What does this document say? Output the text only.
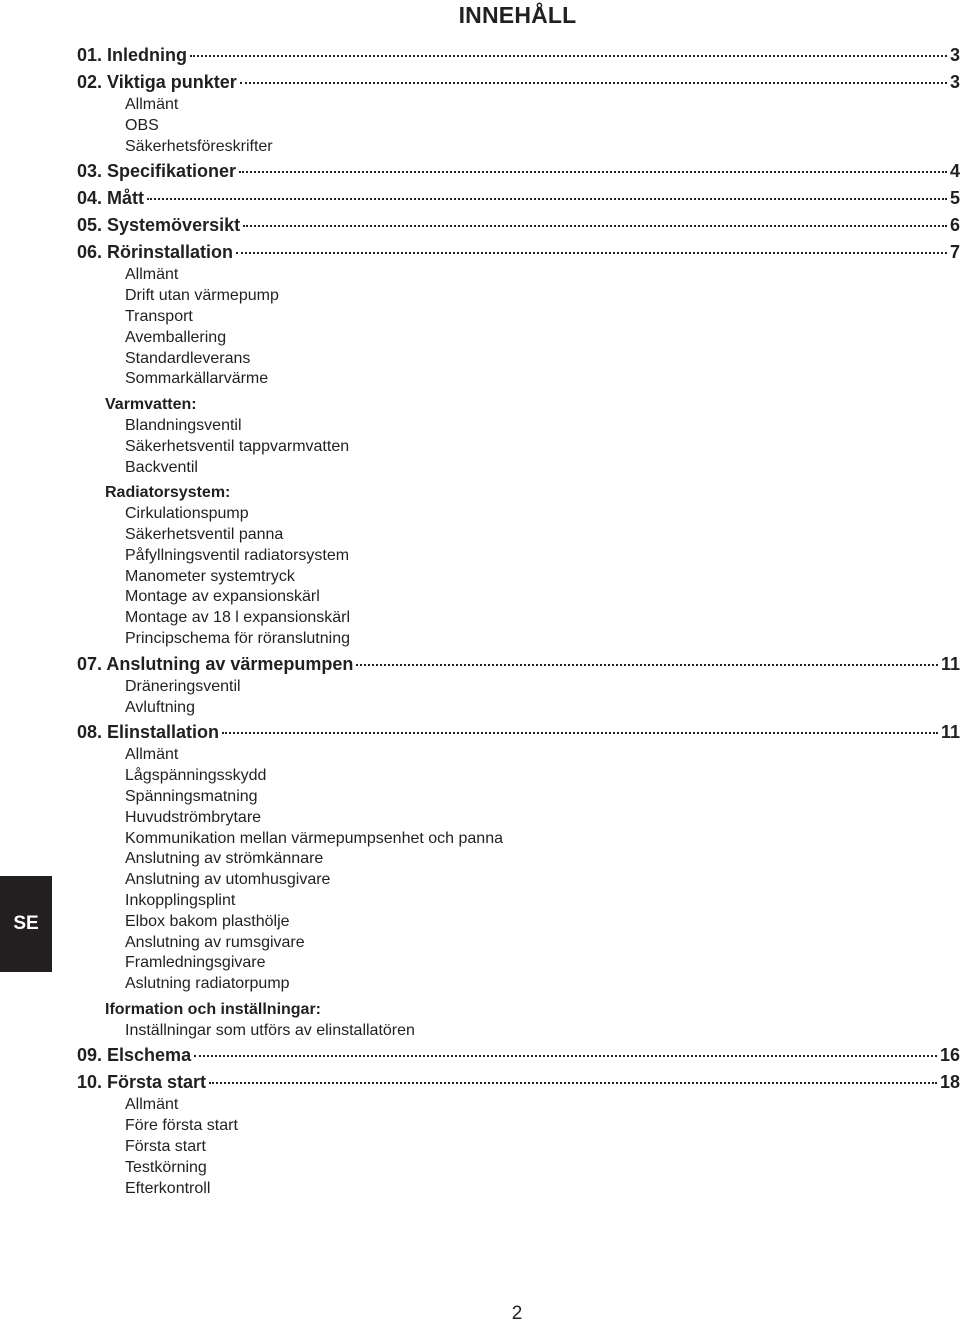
INNEHÅLL
01. Inledning	3
02. Viktiga punkter	3
Allmänt
OBS
Säkerhetsföreskrifter
03. Specifikationer	4
04. Mått	5
05. Systemöversikt	6
06. Rörinstallation	7
Allmänt
Drift utan värmepump
Transport
Avemballering
Standardleverans
Sommarkällarvärme
Varmvatten:
Blandningsventil
Säkerhetsventil tappvarmvatten
Backventil
Radiatorsystem:
Cirkulationspump
Säkerhetsventil panna
Påfyllningsventil radiatorsystem
Manometer systemtryck
Montage av expansionskärl
Montage av 18 l expansionskärl
Principschema för röranslutning
07. Anslutning av värmepumpen	11
Dräneringsventil
Avluftning
08. Elinstallation	11
Allmänt
Lågspänningsskydd
Spänningsmatning
Huvudströmbrytare
Kommunikation mellan värmepumpsenhet och panna
Anslutning av strömkännare
Anslutning av utomhusgivare
Inkopplingsplint
Elbox bakom plasthölje
Anslutning av rumsgivare
Framledningsgivare
Aslutning radiatorpump
Iformation och inställningar:
Inställningar som utförs av elinstallatören
09. Elschema	16
10. Första start	18
Allmänt
Före första start
Första start
Testkörning
Efterkontroll
SE
2
